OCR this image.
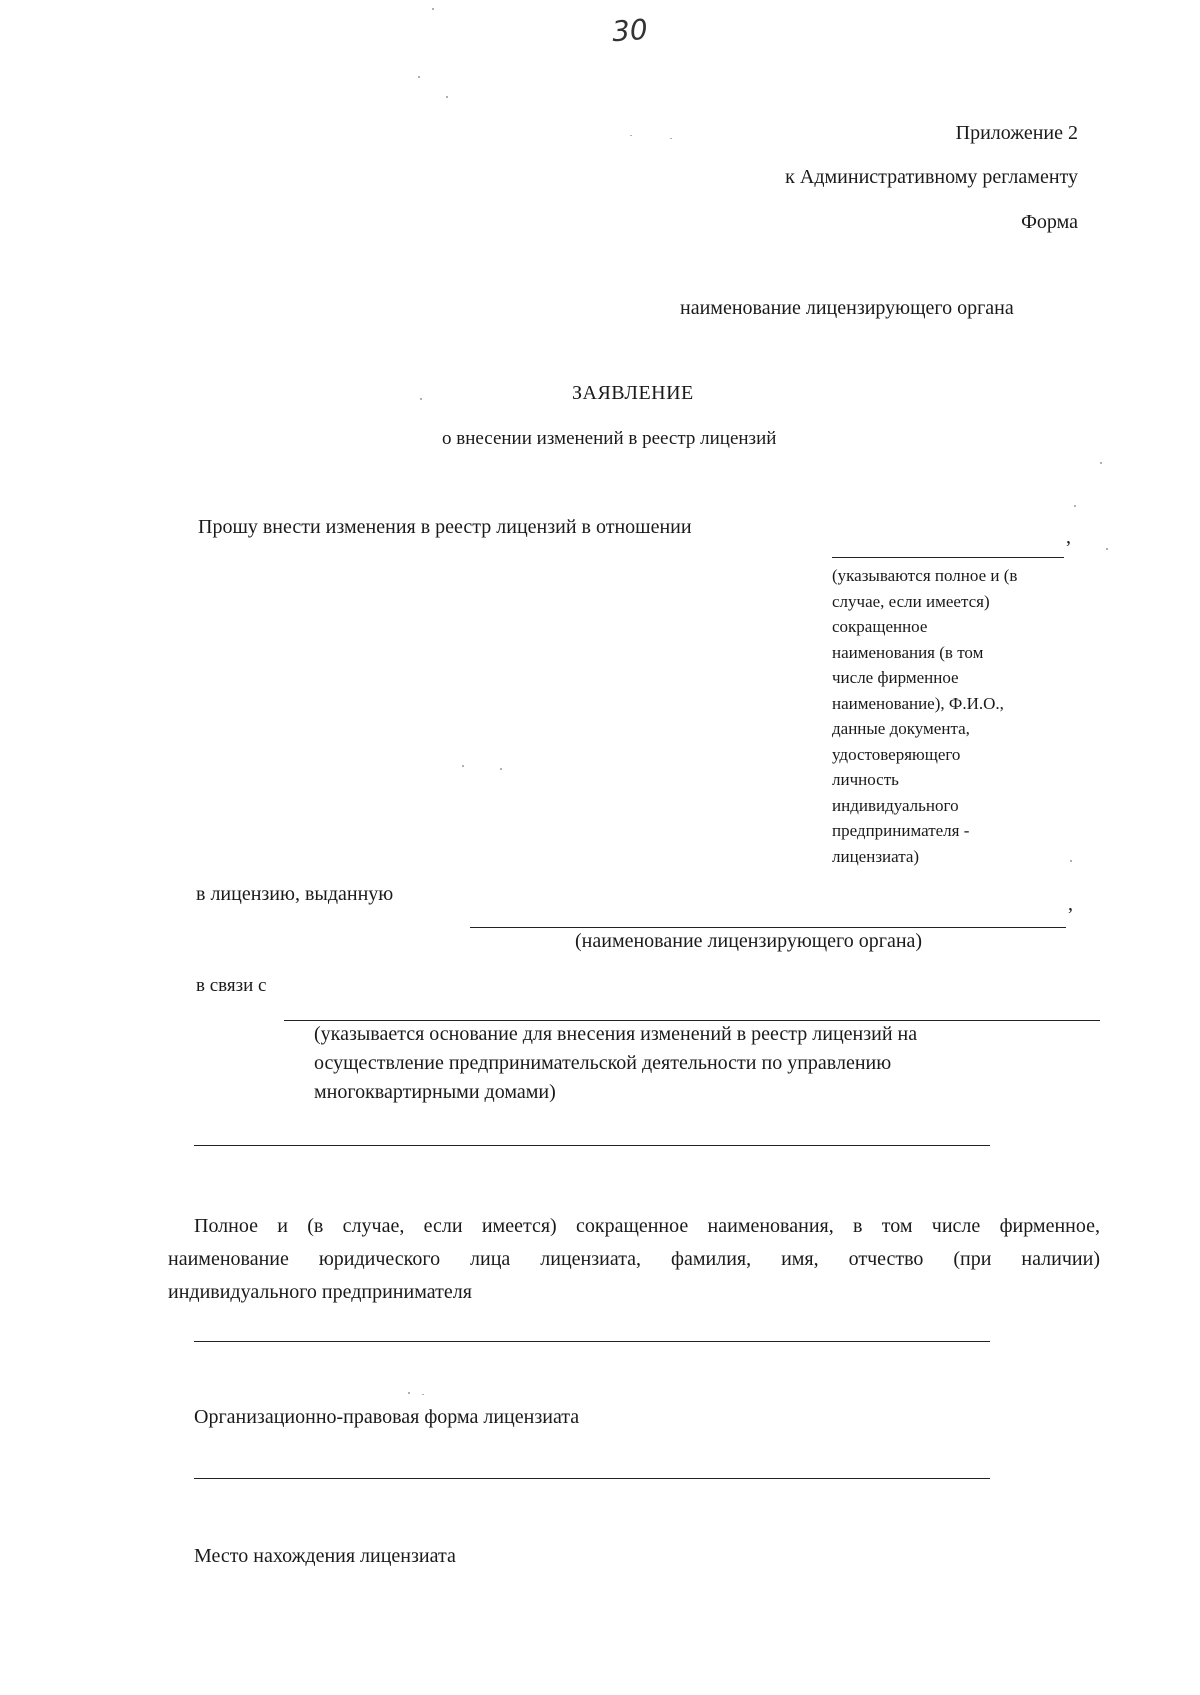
30
Приложение 2
к Административному регламенту
Форма
наименование лицензирующего органа
ЗАЯВЛЕНИЕ
о внесении изменений в реестр лицензий
Прошу внести изменения в реестр лицензий в отношении	,
(указываются полное и (в
случае, если имеется)
сокращенное
наименования (в том
числе фирменное
наименование), Ф.И.О.,
данные документа,
удостоверяющего
личность
индивидуального
предпринимателя -
лицензиата)
в лицензию, выданную	,
(наименование лицензирующего органа)
в связи с
(указывается основание для внесения изменений в реестр лицензий на
осуществление предпринимательской деятельности по управлению
многоквартирными домами)
Полное и (в случае, если имеется) сокращенное наименования, в том числе фирменное,
наименование юридического лица лицензиата, фамилия, имя, отчество (при наличии)
индивидуального предпринимателя
Организационно-правовая форма лицензиата
Место нахождения лицензиата
